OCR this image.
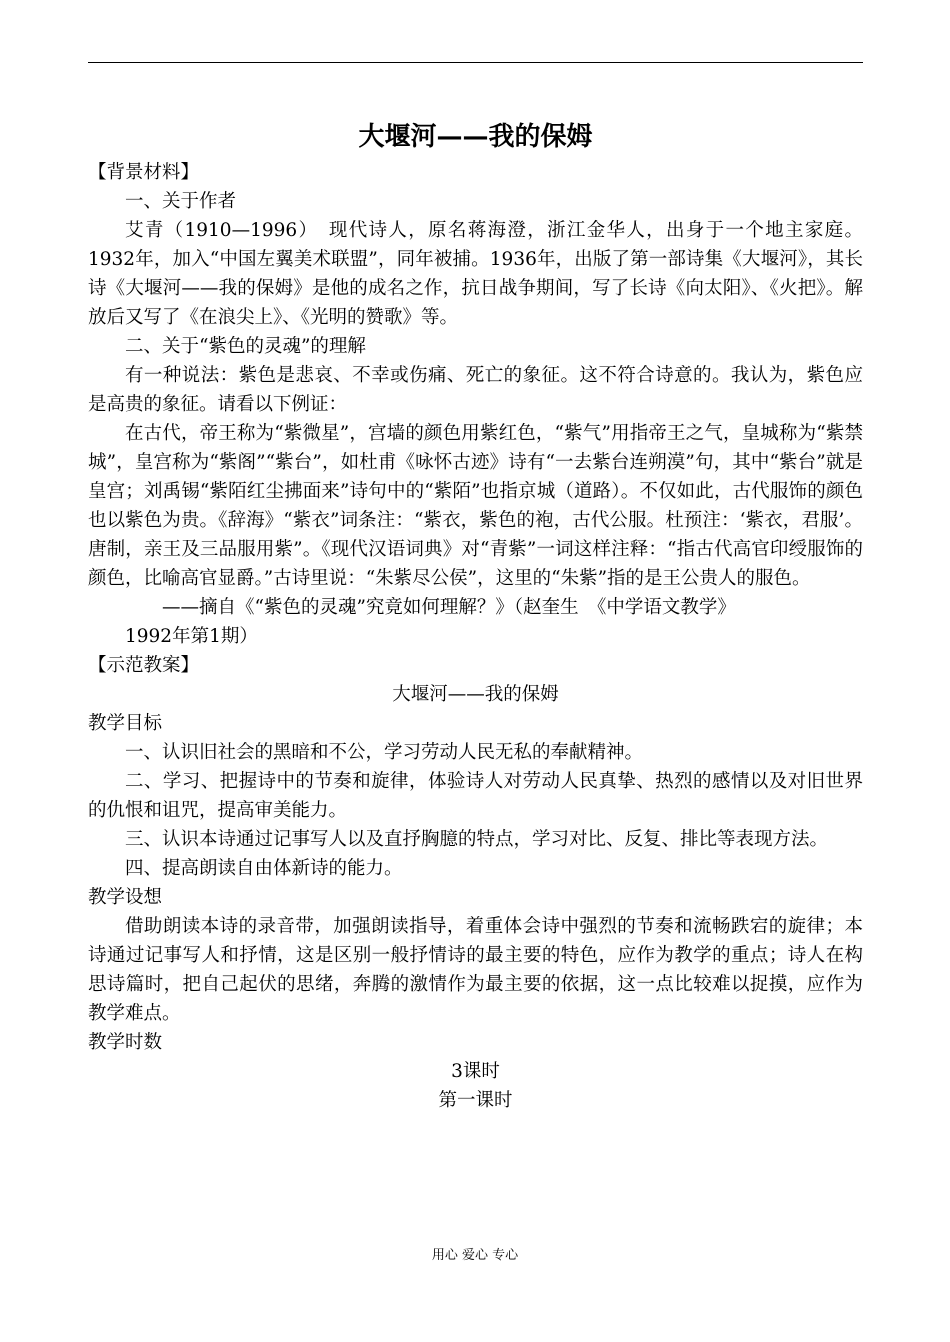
大堰河——我的保姆

【背景材料】

一、关于作者

艾青（1910—1996）　现代诗人，原名蒋海澄，浙江金华人，出身于一个地主家庭。1932年，加入“中国左翼美术联盟”，同年被捕。1936年，出版了第一部诗集《大堰河》，其长诗《大堰河——我的保姆》是他的成名之作，抗日战争期间，写了长诗《向太阳》、《火把》。解放后又写了《在浪尖上》、《光明的赞歌》等。

二、关于“紫色的灵魂”的理解

有一种说法：紫色是悲哀、不幸或伤痛、死亡的象征。这不符合诗意的。我认为，紫色应是高贵的象征。请看以下例证：

在古代，帝王称为“紫微星”，宫墙的颜色用紫红色，“紫气”用指帝王之气，皇城称为“紫禁城”，皇宫称为“紫阁”“紫台”，如杜甫《咏怀古迹》诗有“一去紫台连朔漠”句，其中“紫台”就是皇宫；刘禹锡“紫陌红尘拂面来”诗句中的“紫陌”也指京城（道路）。不仅如此，古代服饰的颜色也以紫色为贵。《辞海》“紫衣”词条注：“紫衣，紫色的袍，古代公服。杜预注：‘紫衣，君服’。唐制，亲王及三品服用紫”。《现代汉语词典》对“青紫”一词这样注释：“指古代高官印绶服饰的颜色，比喻高官显爵。”古诗里说：“朱紫尽公侯”，这里的“朱紫”指的是王公贵人的服色。

——摘自《“紫色的灵魂”究竟如何理解？》（赵奎生　《中学语文教学》

1992年第1期）

【示范教案】

大堰河——我的保姆

教学目标

一、认识旧社会的黑暗和不公，学习劳动人民无私的奉献精神。

二、学习、把握诗中的节奏和旋律，体验诗人对劳动人民真挚、热烈的感情以及对旧世界的仇恨和诅咒，提高审美能力。

三、认识本诗通过记事写人以及直抒胸臆的特点，学习对比、反复、排比等表现方法。

四、提高朗读自由体新诗的能力。

教学设想

借助朗读本诗的录音带，加强朗读指导，着重体会诗中强烈的节奏和流畅跌宕的旋律；本诗通过记事写人和抒情，这是区别一般抒情诗的最主要的特色，应作为教学的重点；诗人在构思诗篇时，把自己起伏的思绪，奔腾的激情作为最主要的依据，这一点比较难以捉摸，应作为教学难点。

教学时数

3课时

第一课时

用心 爱心 专心
